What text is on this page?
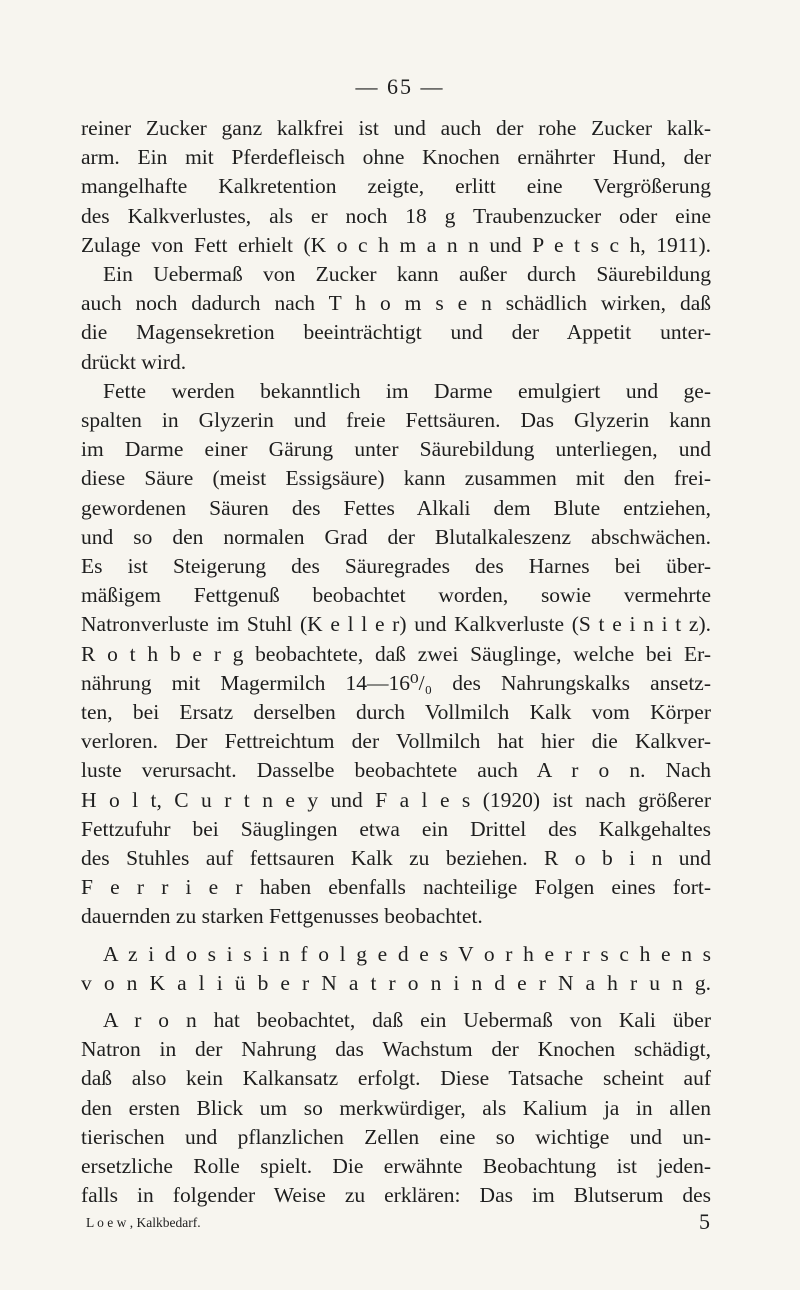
— 65 —
reiner Zucker ganz kalkfrei ist und auch der rohe Zucker kalk-
arm. Ein mit Pferdefleisch ohne Knochen ernährter Hund, der
mangelhafte Kalkretention zeigte, erlitt eine Vergrößerung
des Kalkverlustes, als er noch 18 g Traubenzucker oder eine
Zulage von Fett erhielt (K o c h m a n n und P e t s c h, 1911).
Ein Uebermaß von Zucker kann außer durch Säurebildung
auch noch dadurch nach T h o m s e n schädlich wirken, daß
die Magensekretion beeinträchtigt und der Appetit unter-
drückt wird.
Fette werden bekanntlich im Darme emulgiert und ge-
spalten in Glyzerin und freie Fettsäuren. Das Glyzerin kann
im Darme einer Gärung unter Säurebildung unterliegen, und
diese Säure (meist Essigsäure) kann zusammen mit den frei-
gewordenen Säuren des Fettes Alkali dem Blute entziehen,
und so den normalen Grad der Blutalkaleszenz abschwächen.
Es ist Steigerung des Säuregrades des Harnes bei über-
mäßigem Fettgenuß beobachtet worden, sowie vermehrte
Natronverluste im Stuhl (K e l l e r) und Kalkverluste (S t e i n i t z).
R o t h b e r g beobachtete, daß zwei Säuglinge, welche bei Er-
nährung mit Magermilch 14—16⁰/₀ des Nahrungskalks ansetz-
ten, bei Ersatz derselben durch Vollmilch Kalk vom Körper
verloren. Der Fettreichtum der Vollmilch hat hier die Kalkver-
luste verursacht. Dasselbe beobachtete auch A r o n. Nach
H o l t, C u r t n e y und F a l e s (1920) ist nach größerer
Fettzufuhr bei Säuglingen etwa ein Drittel des Kalkgehaltes
des Stuhles auf fettsauren Kalk zu beziehen. R o b i n und
F e r r i e r haben ebenfalls nachteilige Folgen eines fort-
dauernden zu starken Fettgenusses beobachtet.
A z i d o s i s i n f o l g e d e s V o r h e r r s c h e n s
v o n K a l i ü b e r N a t r o n i n d e r N a h r u n g.
A r o n hat beobachtet, daß ein Uebermaß von Kali über
Natron in der Nahrung das Wachstum der Knochen schädigt,
daß also kein Kalkansatz erfolgt. Diese Tatsache scheint auf
den ersten Blick um so merkwürdiger, als Kalium ja in allen
tierischen und pflanzlichen Zellen eine so wichtige und un-
ersetzliche Rolle spielt. Die erwähnte Beobachtung ist jeden-
falls in folgender Weise zu erklären: Das im Blutserum des
L o e w , Kalkbedarf.	5
